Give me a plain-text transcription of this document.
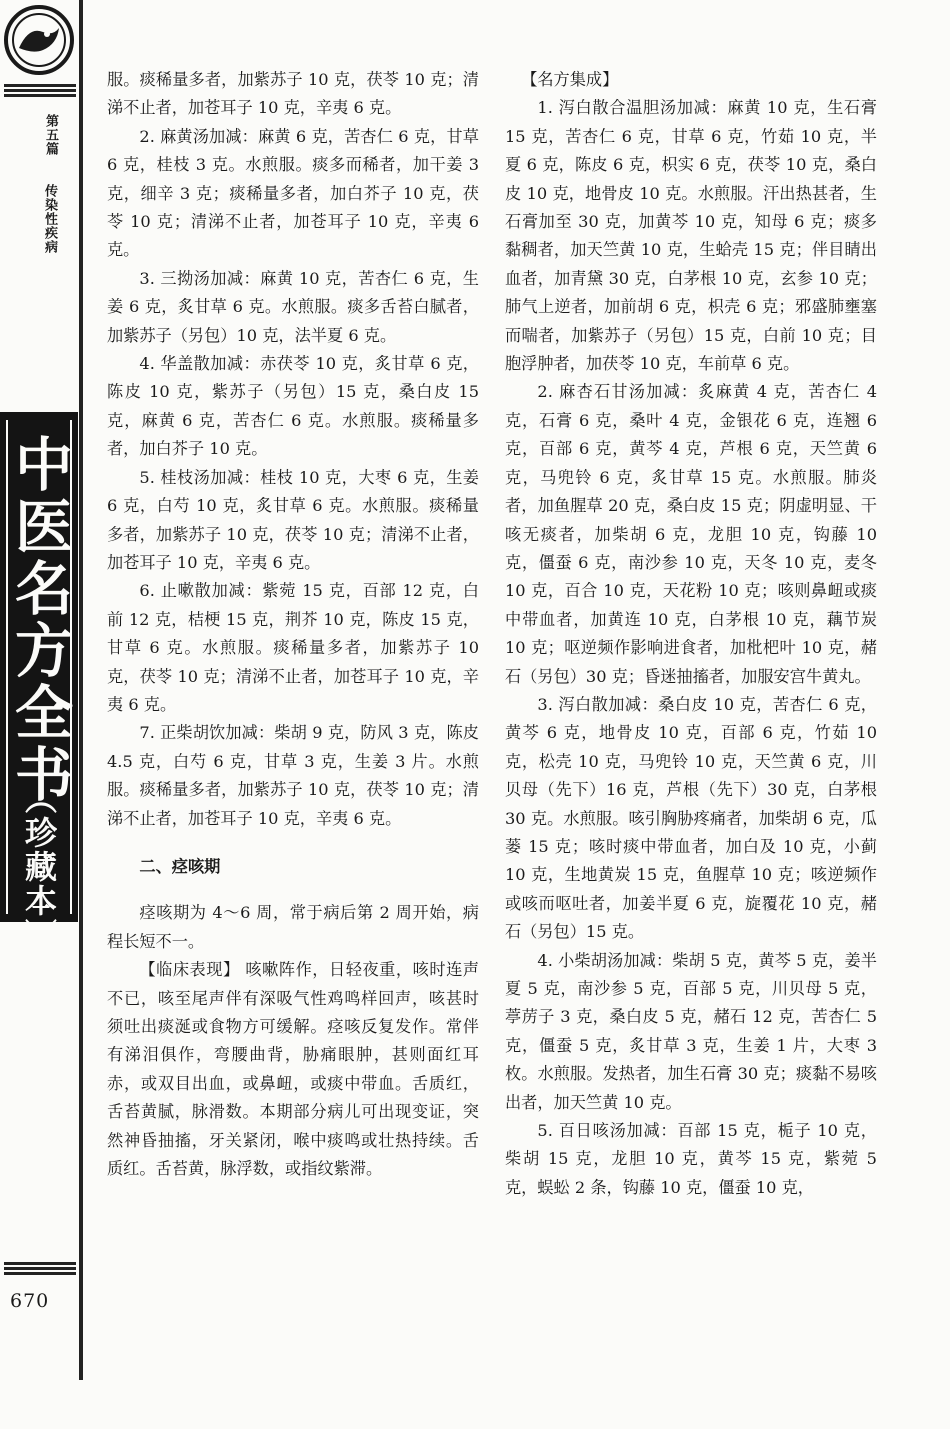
第五篇
传染性疾病
中医名方全书
（珍藏本）
670

服。痰稀量多者，加紫苏子 10 克，茯苓 10 克；清涕不止者，加苍耳子 10 克，辛夷 6 克。

2. 麻黄汤加减：麻黄 6 克，苦杏仁 6 克，甘草 6 克，桂枝 3 克。水煎服。痰多而稀者，加干姜 3 克，细辛 3 克；痰稀量多者，加白芥子 10 克，茯苓 10 克；清涕不止者，加苍耳子 10 克，辛夷 6 克。

3. 三拗汤加减：麻黄 10 克，苦杏仁 6 克，生姜 6 克，炙甘草 6 克。水煎服。痰多舌苔白腻者，加紫苏子（另包）10 克，法半夏 6 克。

4. 华盖散加减：赤茯苓 10 克，炙甘草 6 克，陈皮 10 克，紫苏子（另包）15 克，桑白皮 15 克，麻黄 6 克，苦杏仁 6 克。水煎服。痰稀量多者，加白芥子 10 克。

5. 桂枝汤加减：桂枝 10 克，大枣 6 克，生姜 6 克，白芍 10 克，炙甘草 6 克。水煎服。痰稀量多者，加紫苏子 10 克，茯苓 10 克；清涕不止者，加苍耳子 10 克，辛夷 6 克。

6. 止嗽散加减：紫菀 15 克，百部 12 克，白前 12 克，桔梗 15 克，荆芥 10 克，陈皮 15 克，甘草 6 克。水煎服。痰稀量多者，加紫苏子 10 克，茯苓 10 克；清涕不止者，加苍耳子 10 克，辛夷 6 克。

7. 正柴胡饮加减：柴胡 9 克，防风 3 克，陈皮 4.5 克，白芍 6 克，甘草 3 克，生姜 3 片。水煎服。痰稀量多者，加紫苏子 10 克，茯苓 10 克；清涕不止者，加苍耳子 10 克，辛夷 6 克。

二、痉咳期

痉咳期为 4～6 周，常于病后第 2 周开始，病程长短不一。

【临床表现】 咳嗽阵作，日轻夜重，咳时连声不已，咳至尾声伴有深吸气性鸡鸣样回声，咳甚时须吐出痰涎或食物方可缓解。痉咳反复发作。常伴有涕泪俱作，弯腰曲背，胁痛眼肿，甚则面红耳赤，或双目出血，或鼻衄，或痰中带血。舌质红，舌苔黄腻，脉滑数。本期部分病儿可出现变证，突然神昏抽搐，牙关紧闭，喉中痰鸣或壮热持续。舌质红。舌苔黄，脉浮数，或指纹紫滞。

【名方集成】

1. 泻白散合温胆汤加减：麻黄 10 克，生石膏 15 克，苦杏仁 6 克，甘草 6 克，竹茹 10 克，半夏 6 克，陈皮 6 克，枳实 6 克，茯苓 10 克，桑白皮 10 克，地骨皮 10 克。水煎服。汗出热甚者，生石膏加至 30 克，加黄芩 10 克，知母 6 克；痰多黏稠者，加天竺黄 10 克，生蛤壳 15 克；伴目睛出血者，加青黛 30 克，白茅根 10 克，玄参 10 克；肺气上逆者，加前胡 6 克，枳壳 6 克；邪盛肺壅塞而喘者，加紫苏子（另包）15 克，白前 10 克；目胞浮肿者，加茯苓 10 克，车前草 6 克。

2. 麻杏石甘汤加减：炙麻黄 4 克，苦杏仁 4 克，石膏 6 克，桑叶 4 克，金银花 6 克，连翘 6 克，百部 6 克，黄芩 4 克，芦根 6 克，天竺黄 6 克，马兜铃 6 克，炙甘草 15 克。水煎服。肺炎者，加鱼腥草 20 克，桑白皮 15 克；阴虚明显、干咳无痰者，加柴胡 6 克，龙胆 10 克，钩藤 10 克，僵蚕 6 克，南沙参 10 克，天冬 10 克，麦冬 10 克，百合 10 克，天花粉 10 克；咳则鼻衄或痰中带血者，加黄连 10 克，白茅根 10 克，藕节炭 10 克；呕逆频作影响进食者，加枇杷叶 10 克，赭石（另包）30 克；昏迷抽搐者，加服安宫牛黄丸。

3. 泻白散加减：桑白皮 10 克，苦杏仁 6 克，黄芩 6 克，地骨皮 10 克，百部 6 克，竹茹 10 克，松壳 10 克，马兜铃 10 克，天竺黄 6 克，川贝母（先下）16 克，芦根（先下）30 克，白茅根 30 克。水煎服。咳引胸胁疼痛者，加柴胡 6 克，瓜蒌 15 克；咳时痰中带血者，加白及 10 克，小蓟 10 克，生地黄炭 15 克，鱼腥草 10 克；咳逆频作或咳而呕吐者，加姜半夏 6 克，旋覆花 10 克，赭石（另包）15 克。

4. 小柴胡汤加减：柴胡 5 克，黄芩 5 克，姜半夏 5 克，南沙参 5 克，百部 5 克，川贝母 5 克，葶苈子 3 克，桑白皮 5 克，赭石 12 克，苦杏仁 5 克，僵蚕 5 克，炙甘草 3 克，生姜 1 片，大枣 3 枚。水煎服。发热者，加生石膏 30 克；痰黏不易咳出者，加天竺黄 10 克。

5. 百日咳汤加减：百部 15 克，栀子 10 克，柴胡 15 克，龙胆 10 克，黄芩 15 克，紫菀 5 克，蜈蚣 2 条，钩藤 10 克，僵蚕 10 克，
